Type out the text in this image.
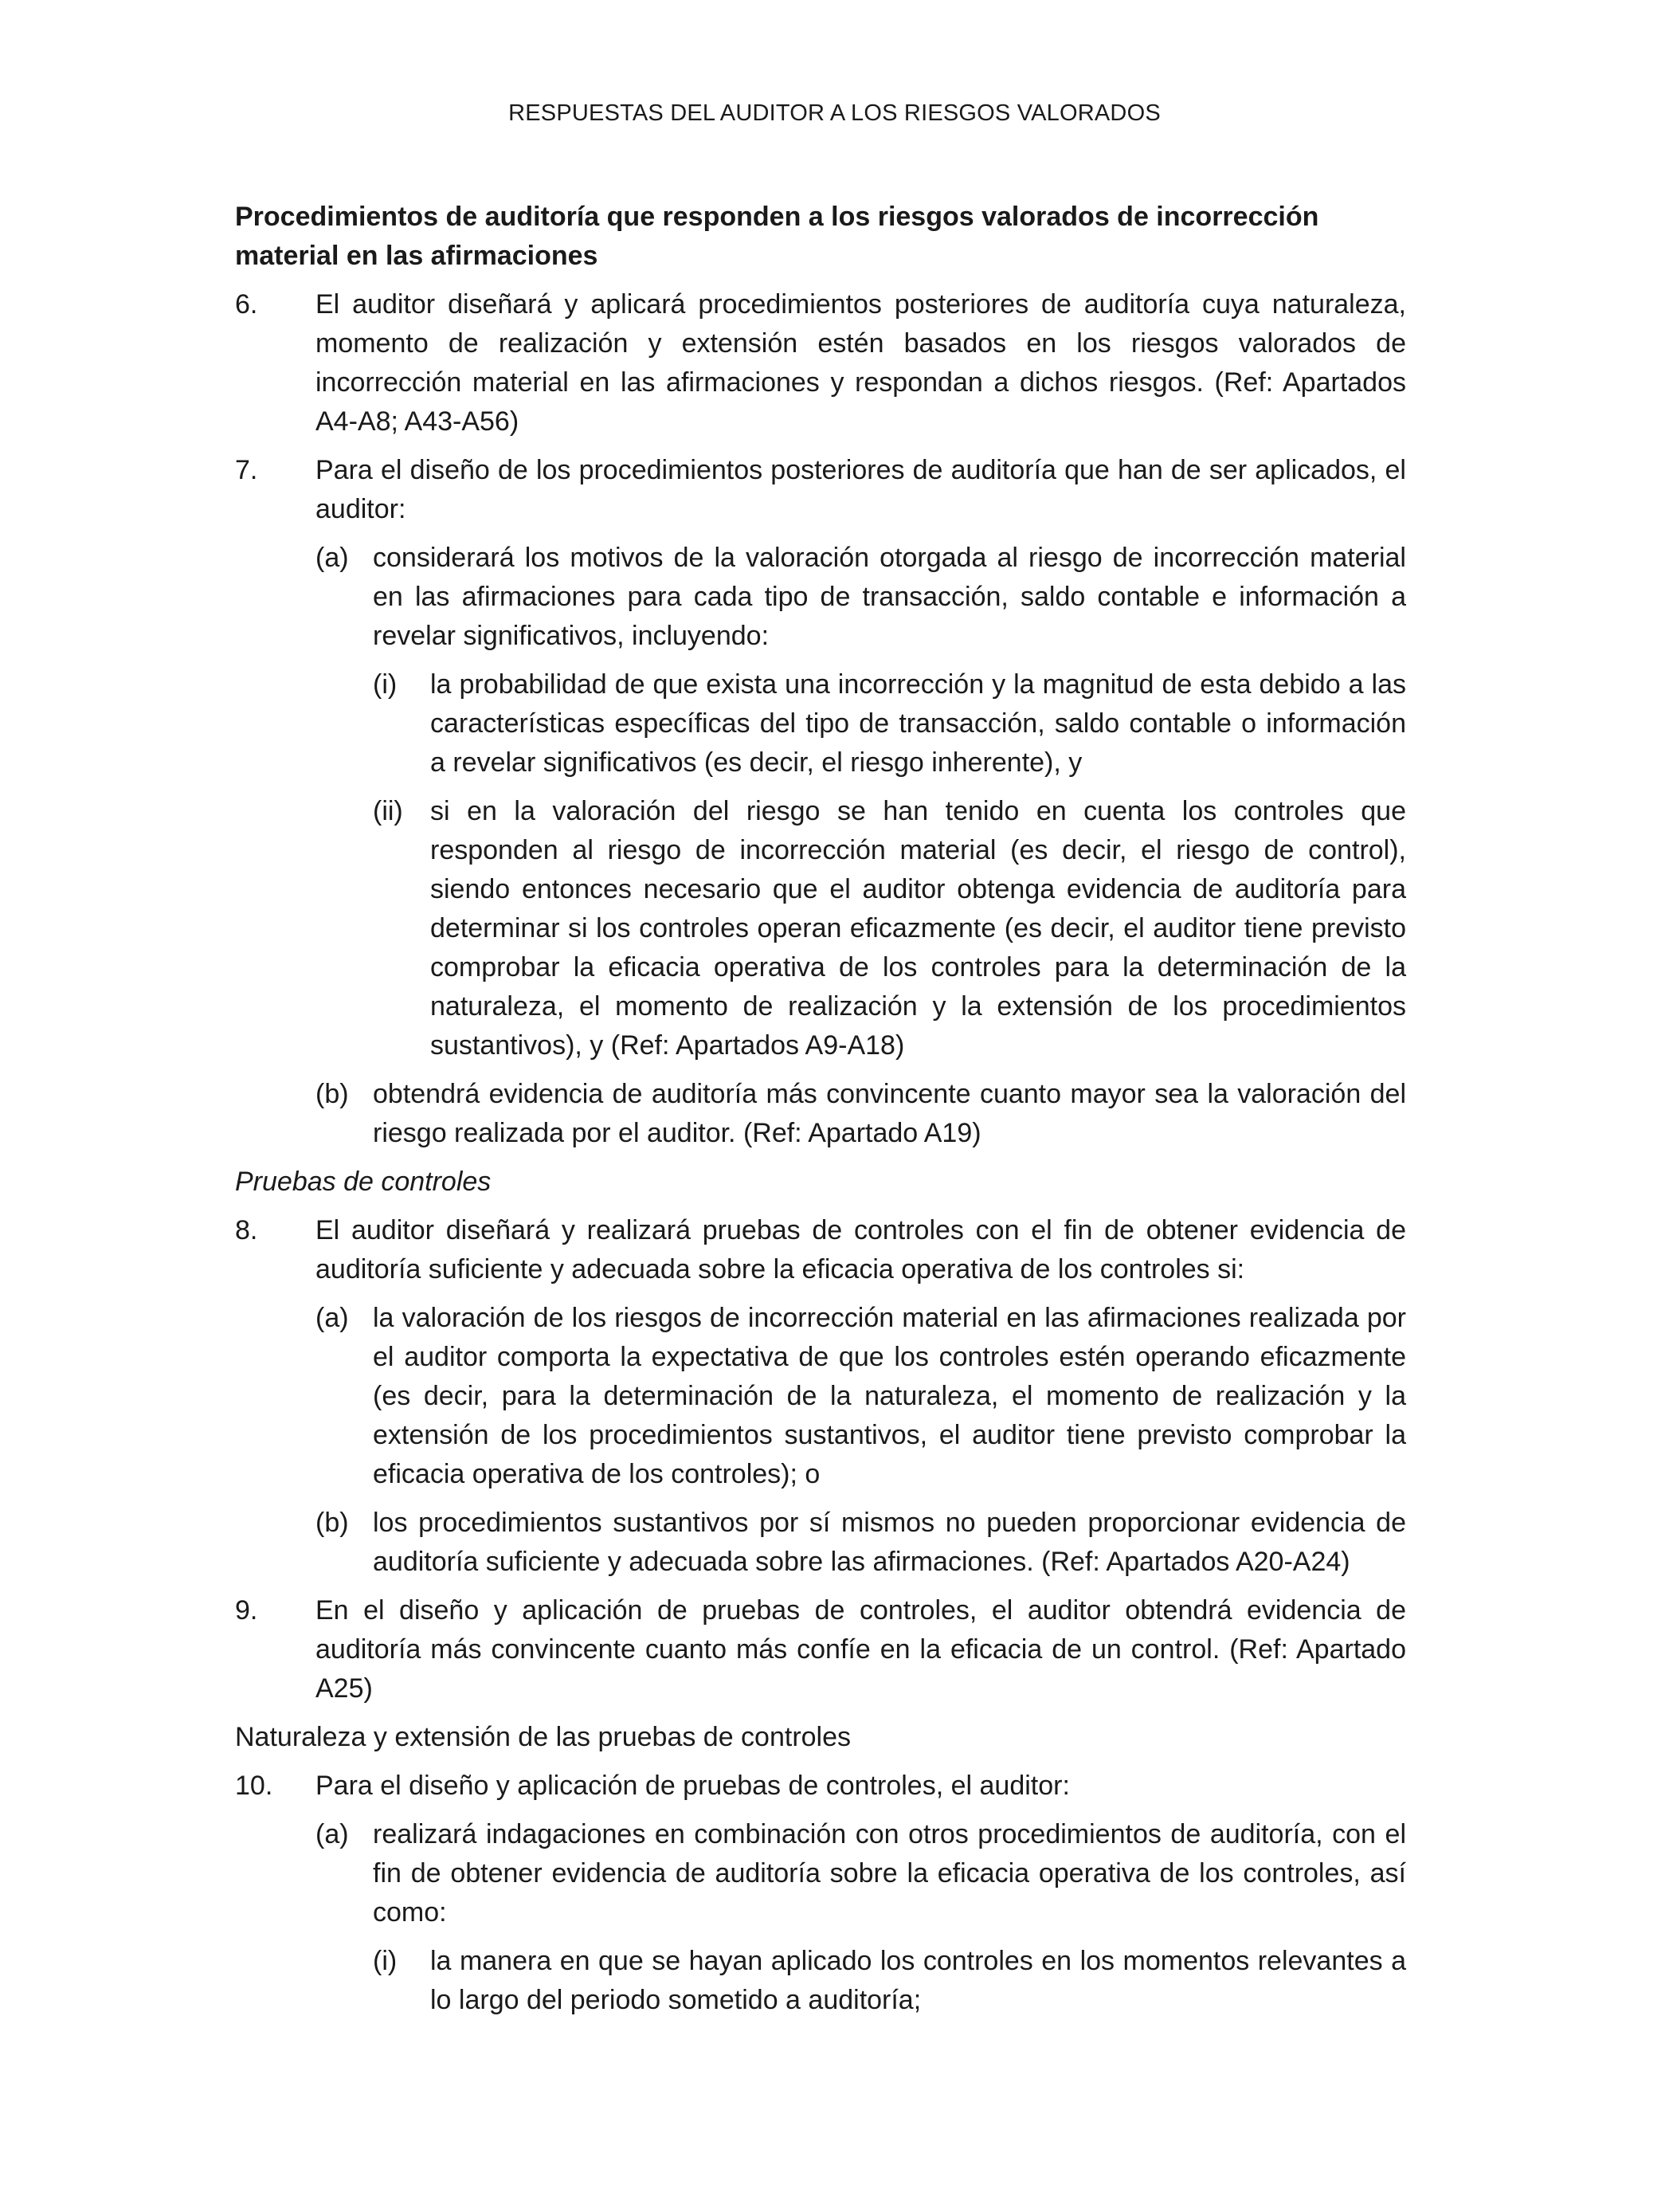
RESPUESTAS DEL AUDITOR A LOS RIESGOS VALORADOS
Procedimientos de auditoría que responden a los riesgos valorados de incorrección material en las afirmaciones
6.	El auditor diseñará y aplicará procedimientos posteriores de auditoría cuya naturaleza, momento de realización y extensión estén basados en los riesgos valorados de incorrección material en las afirmaciones y respondan a dichos riesgos. (Ref: Apartados A4-A8; A43-A56)
7.	Para el diseño de los procedimientos posteriores de auditoría que han de ser aplicados, el auditor:
(a) considerará los motivos de la valoración otorgada al riesgo de incorrección material en las afirmaciones para cada tipo de transacción, saldo contable e información a revelar significativos, incluyendo:
(i)	la probabilidad de que exista una incorrección y la magnitud de esta debido a las características específicas del tipo de transacción, saldo contable o información a revelar significativos (es decir, el riesgo inherente), y
(ii)	si en la valoración del riesgo se han tenido en cuenta los controles que responden al riesgo de incorrección material (es decir, el riesgo de control), siendo entonces necesario que el auditor obtenga evidencia de auditoría para determinar si los controles operan eficazmente (es decir, el auditor tiene previsto comprobar la eficacia operativa de los controles para la determinación de la naturaleza, el momento de realización y la extensión de los procedimientos sustantivos), y (Ref: Apartados A9-A18)
(b) obtendrá evidencia de auditoría más convincente cuanto mayor sea la valoración del riesgo realizada por el auditor. (Ref: Apartado A19)
Pruebas de controles
8.	El auditor diseñará y realizará pruebas de controles con el fin de obtener evidencia de auditoría suficiente y adecuada sobre la eficacia operativa de los controles si:
(a) la valoración de los riesgos de incorrección material en las afirmaciones realizada por el auditor comporta la expectativa de que los controles estén operando eficazmente (es decir, para la determinación de la naturaleza, el momento de realización y la extensión de los procedimientos sustantivos, el auditor tiene previsto comprobar la eficacia operativa de los controles); o
(b) los procedimientos sustantivos por sí mismos no pueden proporcionar evidencia de auditoría suficiente y adecuada sobre las afirmaciones. (Ref: Apartados A20-A24)
9.	En el diseño y aplicación de pruebas de controles, el auditor obtendrá evidencia de auditoría más convincente cuanto más confíe en la eficacia de un control. (Ref: Apartado A25)
Naturaleza y extensión de las pruebas de controles
10.	Para el diseño y aplicación de pruebas de controles, el auditor:
(a) realizará indagaciones en combinación con otros procedimientos de auditoría, con el fin de obtener evidencia de auditoría sobre la eficacia operativa de los controles, así como:
(i)	la manera en que se hayan aplicado los controles en los momentos relevantes a lo largo del periodo sometido a auditoría;
